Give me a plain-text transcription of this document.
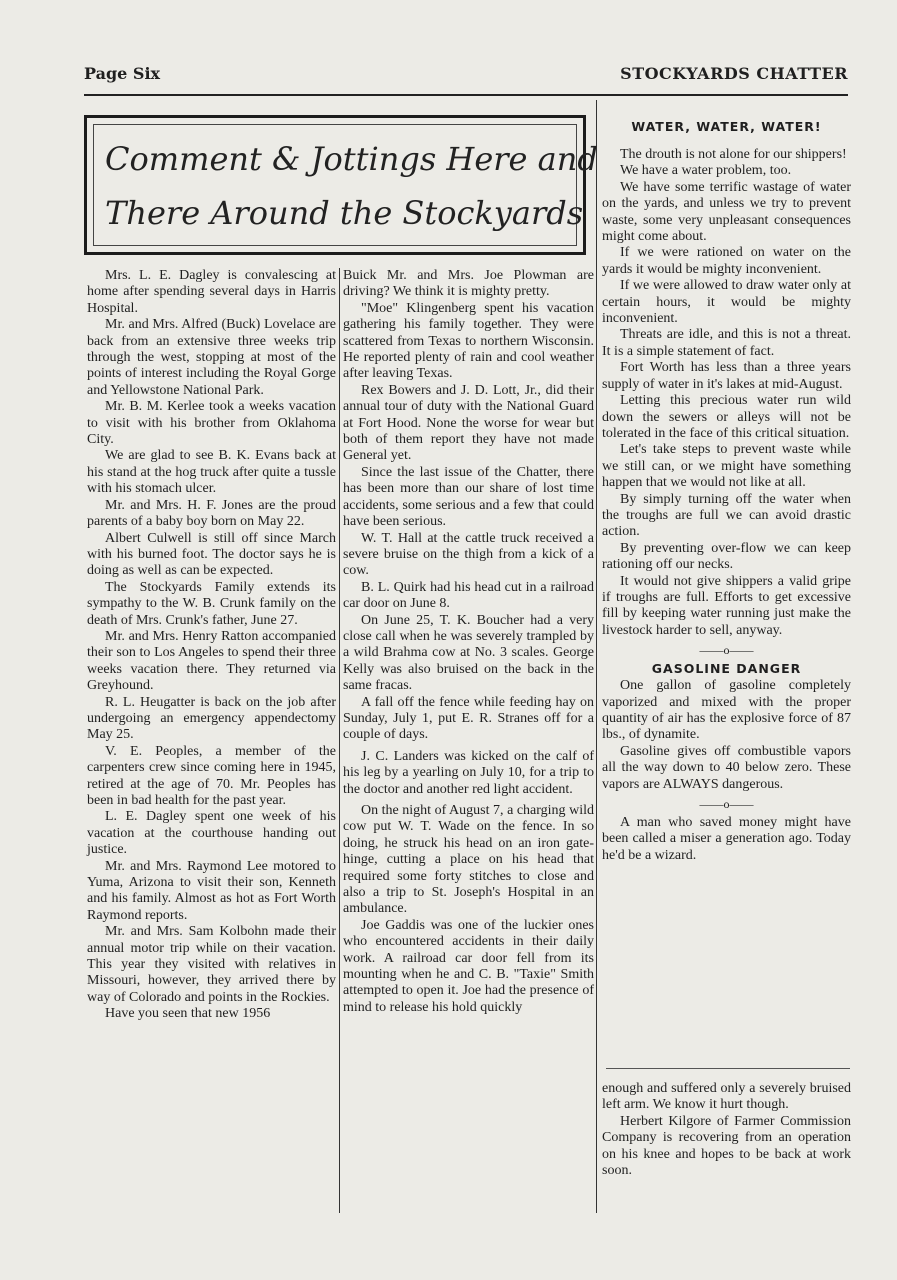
Page Six	STOCKYARDS CHATTER
Comment & Jottings Here and
There Around the Stockyards

Mrs. L. E. Dagley is convalescing at home after spending several days in Harris Hospital.

Mr. and Mrs. Alfred (Buck) Lovelace are back from an extensive three weeks trip through the west, stopping at most of the points of interest including the Royal Gorge and Yellowstone National Park.

Mr. B. M. Kerlee took a weeks vacation to visit with his brother from Oklahoma City.

We are glad to see B. K. Evans back at his stand at the hog truck after quite a tussle with his stomach ulcer.

Mr. and Mrs. H. F. Jones are the proud parents of a baby boy born on May 22.

Albert Culwell is still off since March with his burned foot. The doctor says he is doing as well as can be expected.

The Stockyards Family extends its sympathy to the W. B. Crunk family on the death of Mrs. Crunk's father, June 27.

Mr. and Mrs. Henry Ratton accompanied their son to Los Angeles to spend their three weeks vacation there. They returned via Greyhound.

R. L. Heugatter is back on the job after undergoing an emergency appendectomy May 25.

V. E. Peoples, a member of the carpenters crew since coming here in 1945, retired at the age of 70. Mr. Peoples has been in bad health for the past year.

L. E. Dagley spent one week of his vacation at the courthouse handing out justice.

Mr. and Mrs. Raymond Lee motored to Yuma, Arizona to visit their son, Kenneth and his family. Almost as hot as Fort Worth Raymond reports.

Mr. and Mrs. Sam Kolbohn made their annual motor trip while on their vacation. This year they visited with relatives in Missouri, however, they arrived there by way of Colorado and points in the Rockies.

Have you seen that new 1956

Buick Mr. and Mrs. Joe Plowman are driving? We think it is mighty pretty.

"Moe" Klingenberg spent his vacation gathering his family together. They were scattered from Texas to northern Wisconsin. He reported plenty of rain and cool weather after leaving Texas.

Rex Bowers and J. D. Lott, Jr., did their annual tour of duty with the National Guard at Fort Hood. None the worse for wear but both of them report they have not made General yet.

Since the last issue of the Chatter, there has been more than our share of lost time accidents, some serious and a few that could have been serious.

W. T. Hall at the cattle truck received a severe bruise on the thigh from a kick of a cow.

B. L. Quirk had his head cut in a railroad car door on June 8.

On June 25, T. K. Boucher had a very close call when he was severely trampled by a wild Brahma cow at No. 3 scales. George Kelly was also bruised on the back in the same fracas.

A fall off the fence while feeding hay on Sunday, July 1, put E. R. Stranes off for a couple of days.

J. C. Landers was kicked on the calf of his leg by a yearling on July 10, for a trip to the doctor and another red light accident.

On the night of August 7, a charging wild cow put W. T. Wade on the fence. In so doing, he struck his head on an iron gate-hinge, cutting a place on his head that required some forty stitches to close and also a trip to St. Joseph's Hospital in an ambulance.

Joe Gaddis was one of the luckier ones who encountered accidents in their daily work. A railroad car door fell from its mounting when he and C. B. "Taxie" Smith attempted to open it. Joe had the presence of mind to release his hold quickly

WATER, WATER, WATER!

The drouth is not alone for our shippers!

We have a water problem, too.

We have some terrific wastage of water on the yards, and unless we try to prevent waste, some very unpleasant consequences might come about.

If we were rationed on water on the yards it would be mighty inconvenient.

If we were allowed to draw water only at certain hours, it would be mighty inconvenient.

Threats are idle, and this is not a threat. It is a simple statement of fact.

Fort Worth has less than a three years supply of water in it's lakes at mid-August.

Letting this precious water run wild down the sewers or alleys will not be tolerated in the face of this critical situation.

Let's take steps to prevent waste while we still can, or we might have something happen that we would not like at all.

By simply turning off the water when the troughs are full we can avoid drastic action.

By preventing over-flow we can keep rationing off our necks.

It would not give shippers a valid gripe if troughs are full. Efforts to get excessive fill by keeping water running just make the livestock harder to sell, anyway.

——o——
GASOLINE DANGER

One gallon of gasoline completely vaporized and mixed with the proper quantity of air has the explosive force of 87 lbs., of dynamite.

Gasoline gives off combustible vapors all the way down to 40 below zero. These vapors are ALWAYS dangerous.

——o——

A man who saved money might have been called a miser a generation ago. Today he'd be a wizard.

enough and suffered only a severely bruised left arm. We know it hurt though.

Herbert Kilgore of Farmer Commission Company is recovering from an operation on his knee and hopes to be back at work soon.
